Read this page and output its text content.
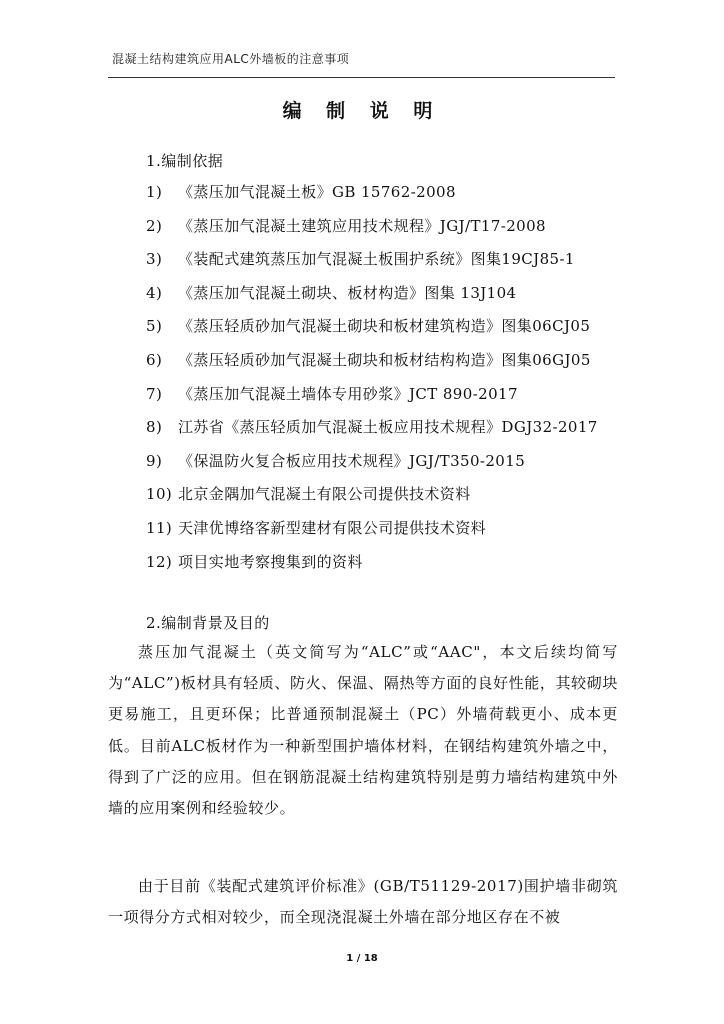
混凝土结构建筑应用ALC外墙板的注意事项
编 制 说 明
1.编制依据
1) 《蒸压加气混凝土板》GB 15762-2008
2) 《蒸压加气混凝土建筑应用技术规程》JGJ/T17-2008
3) 《装配式建筑蒸压加气混凝土板围护系统》图集19CJ85-1
4) 《蒸压加气混凝土砌块、板材构造》图集 13J104
5) 《蒸压轻质砂加气混凝土砌块和板材建筑构造》图集06CJ05
6) 《蒸压轻质砂加气混凝土砌块和板材结构构造》图集06GJ05
7) 《蒸压加气混凝土墙体专用砂浆》JCT 890-2017
8) 江苏省《蒸压轻质加气混凝土板应用技术规程》DGJ32-2017
9) 《保温防火复合板应用技术规程》JGJ/T350-2015
10) 北京金隅加气混凝土有限公司提供技术资料
11) 天津优博络客新型建材有限公司提供技术资料
12) 项目实地考察搜集到的资料
2.编制背景及目的

蒸压加气混凝土（英文简写为“ALC”或“AAC"，本文后续均简写为“ALC”)板材具有轻质、防火、保温、隔热等方面的良好性能，其较砌块更易施工，且更环保；比普通预制混凝土（PC）外墙荷载更小、成本更低。目前ALC板材作为一种新型围护墙体材料，在钢结构建筑外墙之中，得到了广泛的应用。但在钢筋混凝土结构建筑特别是剪力墙结构建筑中外墙的应用案例和经验较少。

由于目前《装配式建筑评价标准》(GB/T51129-2017)围护墙非砌筑一项得分方式相对较少，而全现浇混凝土外墙在部分地区存在不被

1 / 18
